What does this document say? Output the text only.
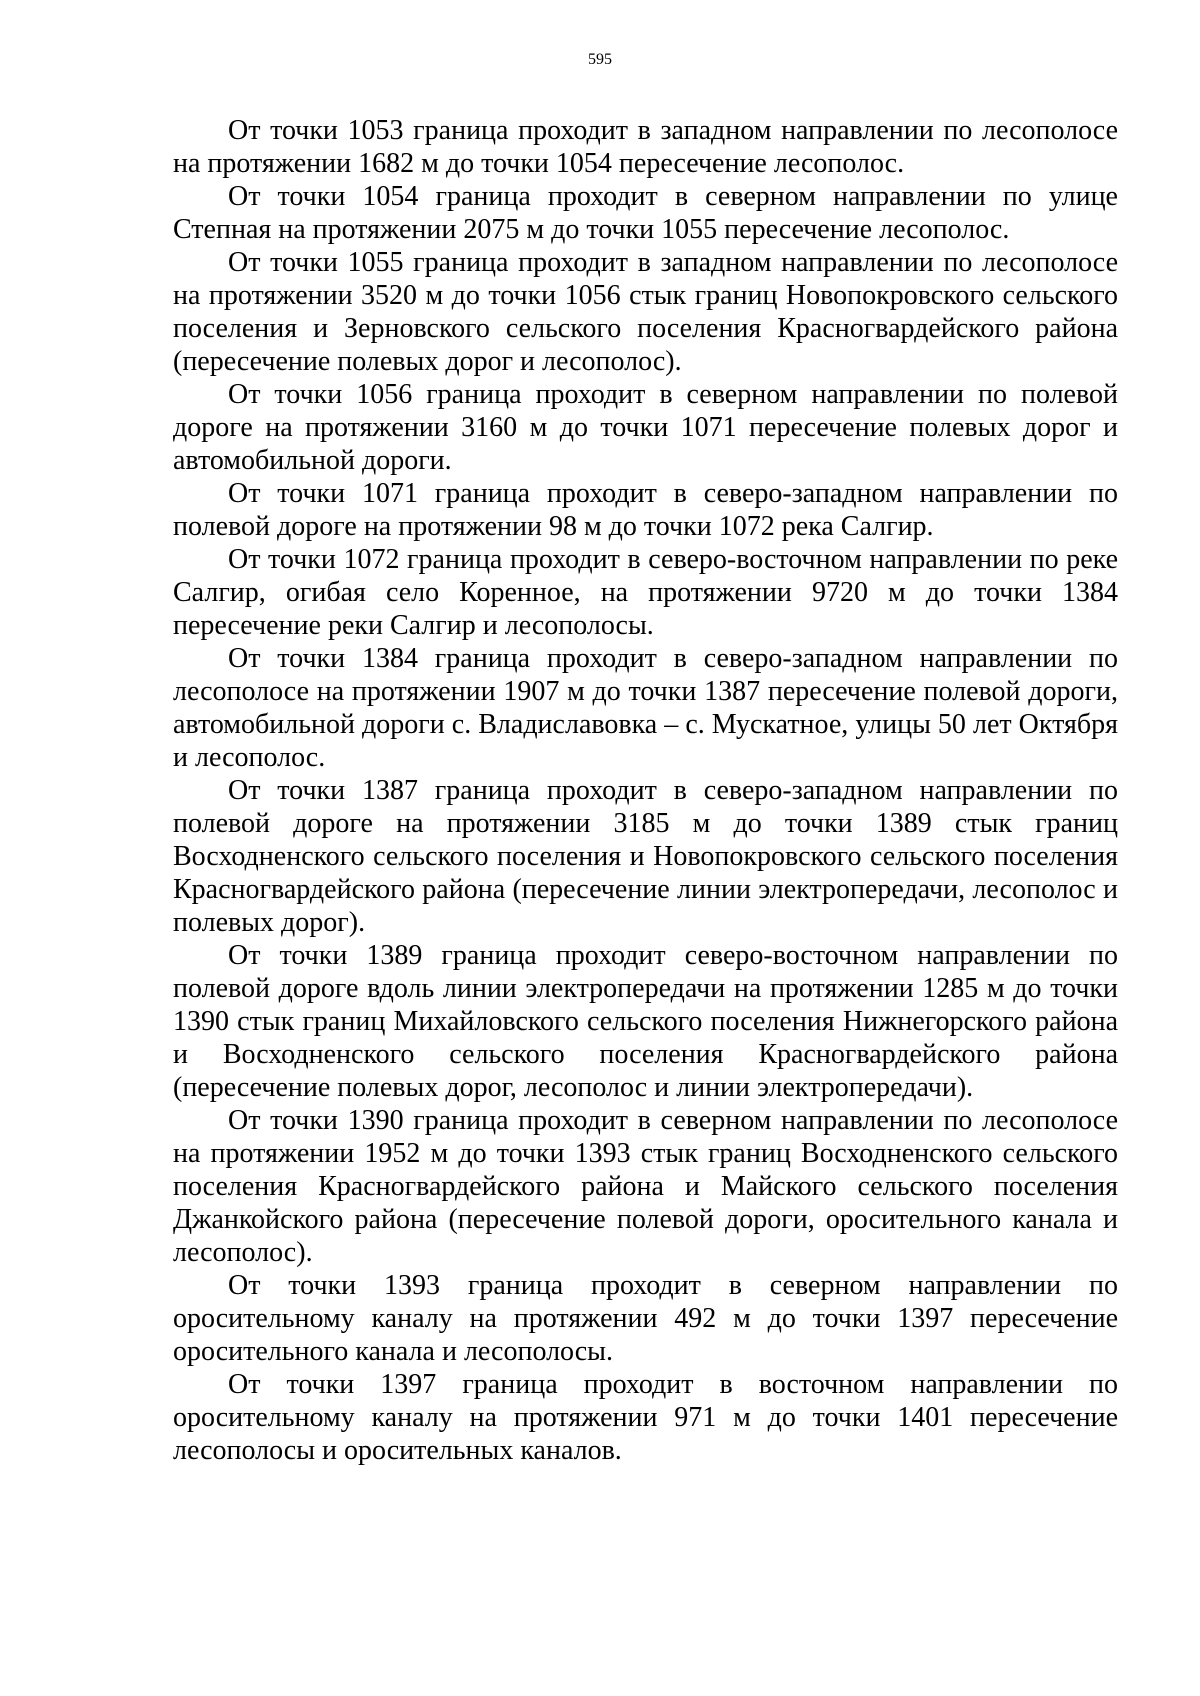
595

От точки 1053 граница проходит в западном направлении по лесополосе на протяжении 1682 м до точки 1054 пересечение лесополос.

От точки 1054 граница проходит в северном направлении по улице Степная на протяжении 2075 м до точки 1055 пересечение лесополос.

От точки 1055 граница проходит в западном направлении по лесополосе на протяжении 3520 м до точки 1056 стык границ Новопокровского сельского поселения и Зерновского сельского поселения Красногвардейского района (пересечение полевых дорог и лесополос).

От точки 1056 граница проходит в северном направлении по полевой дороге на протяжении 3160 м до точки 1071 пересечение полевых дорог и автомобильной дороги.

От точки 1071 граница проходит в северо-западном направлении по полевой дороге на протяжении 98 м до точки 1072 река Салгир.

От точки 1072 граница проходит в северо-восточном направлении по реке Салгир, огибая село Коренное, на протяжении 9720 м до точки 1384 пересечение реки Салгир и лесополосы.

От точки 1384 граница проходит в северо-западном направлении по лесополосе на протяжении 1907 м до точки 1387 пересечение полевой дороги, автомобильной дороги с. Владиславовка – с. Мускатное, улицы 50 лет Октября и лесополос.

От точки 1387 граница проходит в северо-западном направлении по полевой дороге на протяжении 3185 м до точки 1389 стык границ Восходненского сельского поселения и Новопокровского сельского поселения Красногвардейского района (пересечение линии электропередачи, лесополос и полевых дорог).

От точки 1389 граница проходит северо-восточном направлении по полевой дороге вдоль линии электропередачи на протяжении 1285 м до точки 1390 стык границ Михайловского сельского поселения Нижнегорского района и Восходненского сельского поселения Красногвардейского района (пересечение полевых дорог, лесополос и линии электропередачи).

От точки 1390 граница проходит в северном направлении по лесополосе на протяжении 1952 м до точки 1393 стык границ Восходненского сельского поселения Красногвардейского района и Майского сельского поселения Джанкойского района (пересечение полевой дороги, оросительного канала и лесополос).

От точки 1393 граница проходит в северном направлении по оросительному каналу на протяжении 492 м до точки 1397 пересечение оросительного канала и лесополосы.

От точки 1397 граница проходит в восточном направлении по оросительному каналу на протяжении 971 м до точки 1401 пересечение лесополосы и оросительных каналов.
